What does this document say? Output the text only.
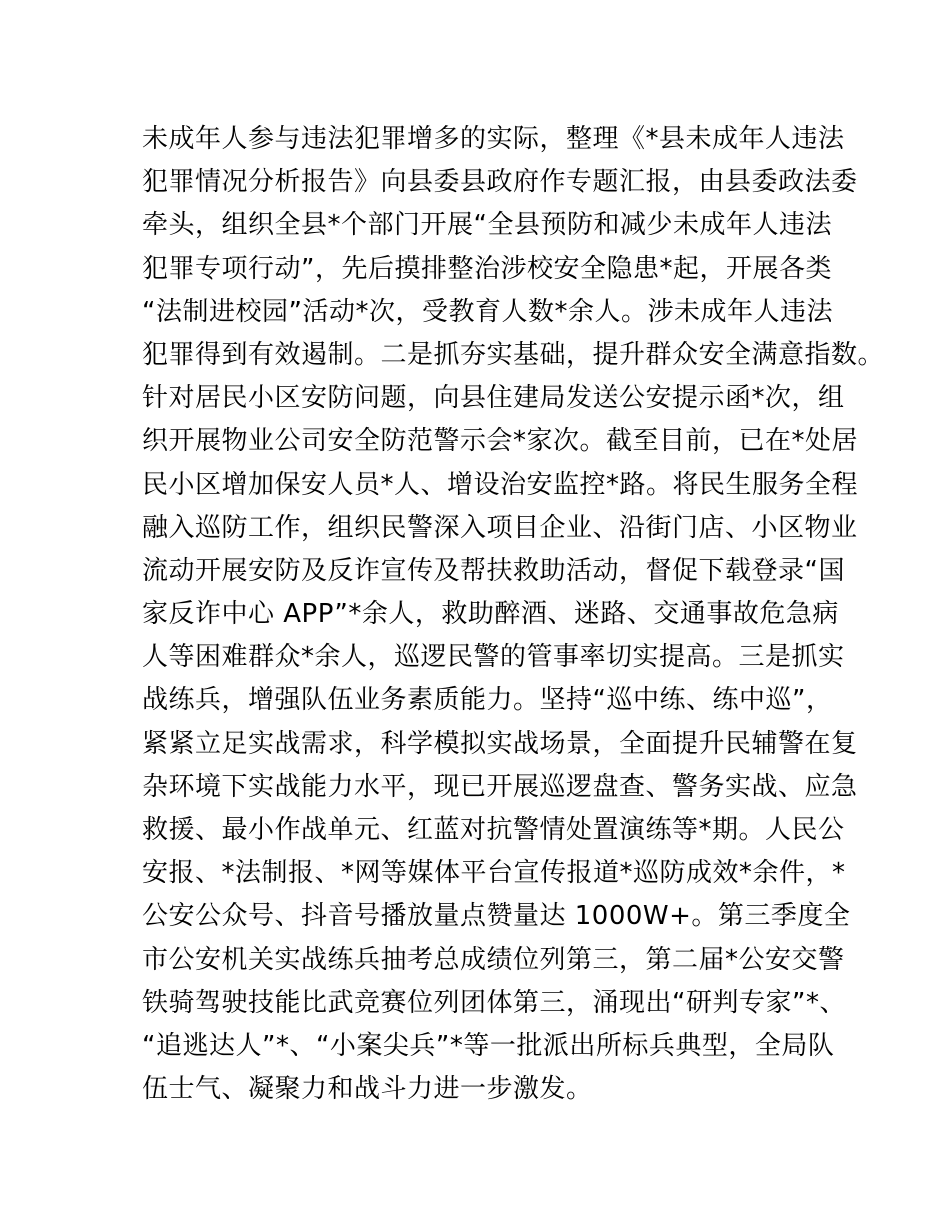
未成年人参与违法犯罪增多的实际，整理《*县未成年人违法
犯罪情况分析报告》向县委县政府作专题汇报，由县委政法委
牵头，组织全县*个部门开展“全县预防和减少未成年人违法
犯罪专项行动”，先后摸排整治涉校安全隐患*起，开展各类
“法制进校园”活动*次，受教育人数*余人。涉未成年人违法
犯罪得到有效遏制。二是抓夯实基础，提升群众安全满意指数。
针对居民小区安防问题，向县住建局发送公安提示函*次，组
织开展物业公司安全防范警示会*家次。截至目前，已在*处居
民小区增加保安人员*人、增设治安监控*路。将民生服务全程
融入巡防工作，组织民警深入项目企业、沿街门店、小区物业
流动开展安防及反诈宣传及帮扶救助活动，督促下载登录“国
家反诈中心 APP”*余人，救助醉酒、迷路、交通事故危急病
人等困难群众*余人，巡逻民警的管事率切实提高。三是抓实
战练兵，增强队伍业务素质能力。坚持“巡中练、练中巡”，
紧紧立足实战需求，科学模拟实战场景，全面提升民辅警在复
杂环境下实战能力水平，现已开展巡逻盘查、警务实战、应急
救援、最小作战单元、红蓝对抗警情处置演练等*期。人民公
安报、*法制报、*网等媒体平台宣传报道*巡防成效*余件，*
公安公众号、抖音号播放量点赞量达 1000W+。第三季度全
市公安机关实战练兵抽考总成绩位列第三，第二届*公安交警
铁骑驾驶技能比武竞赛位列团体第三，涌现出“研判专家”*、
“追逃达人”*、“小案尖兵”*等一批派出所标兵典型，全局队
伍士气、凝聚力和战斗力进一步激发。
